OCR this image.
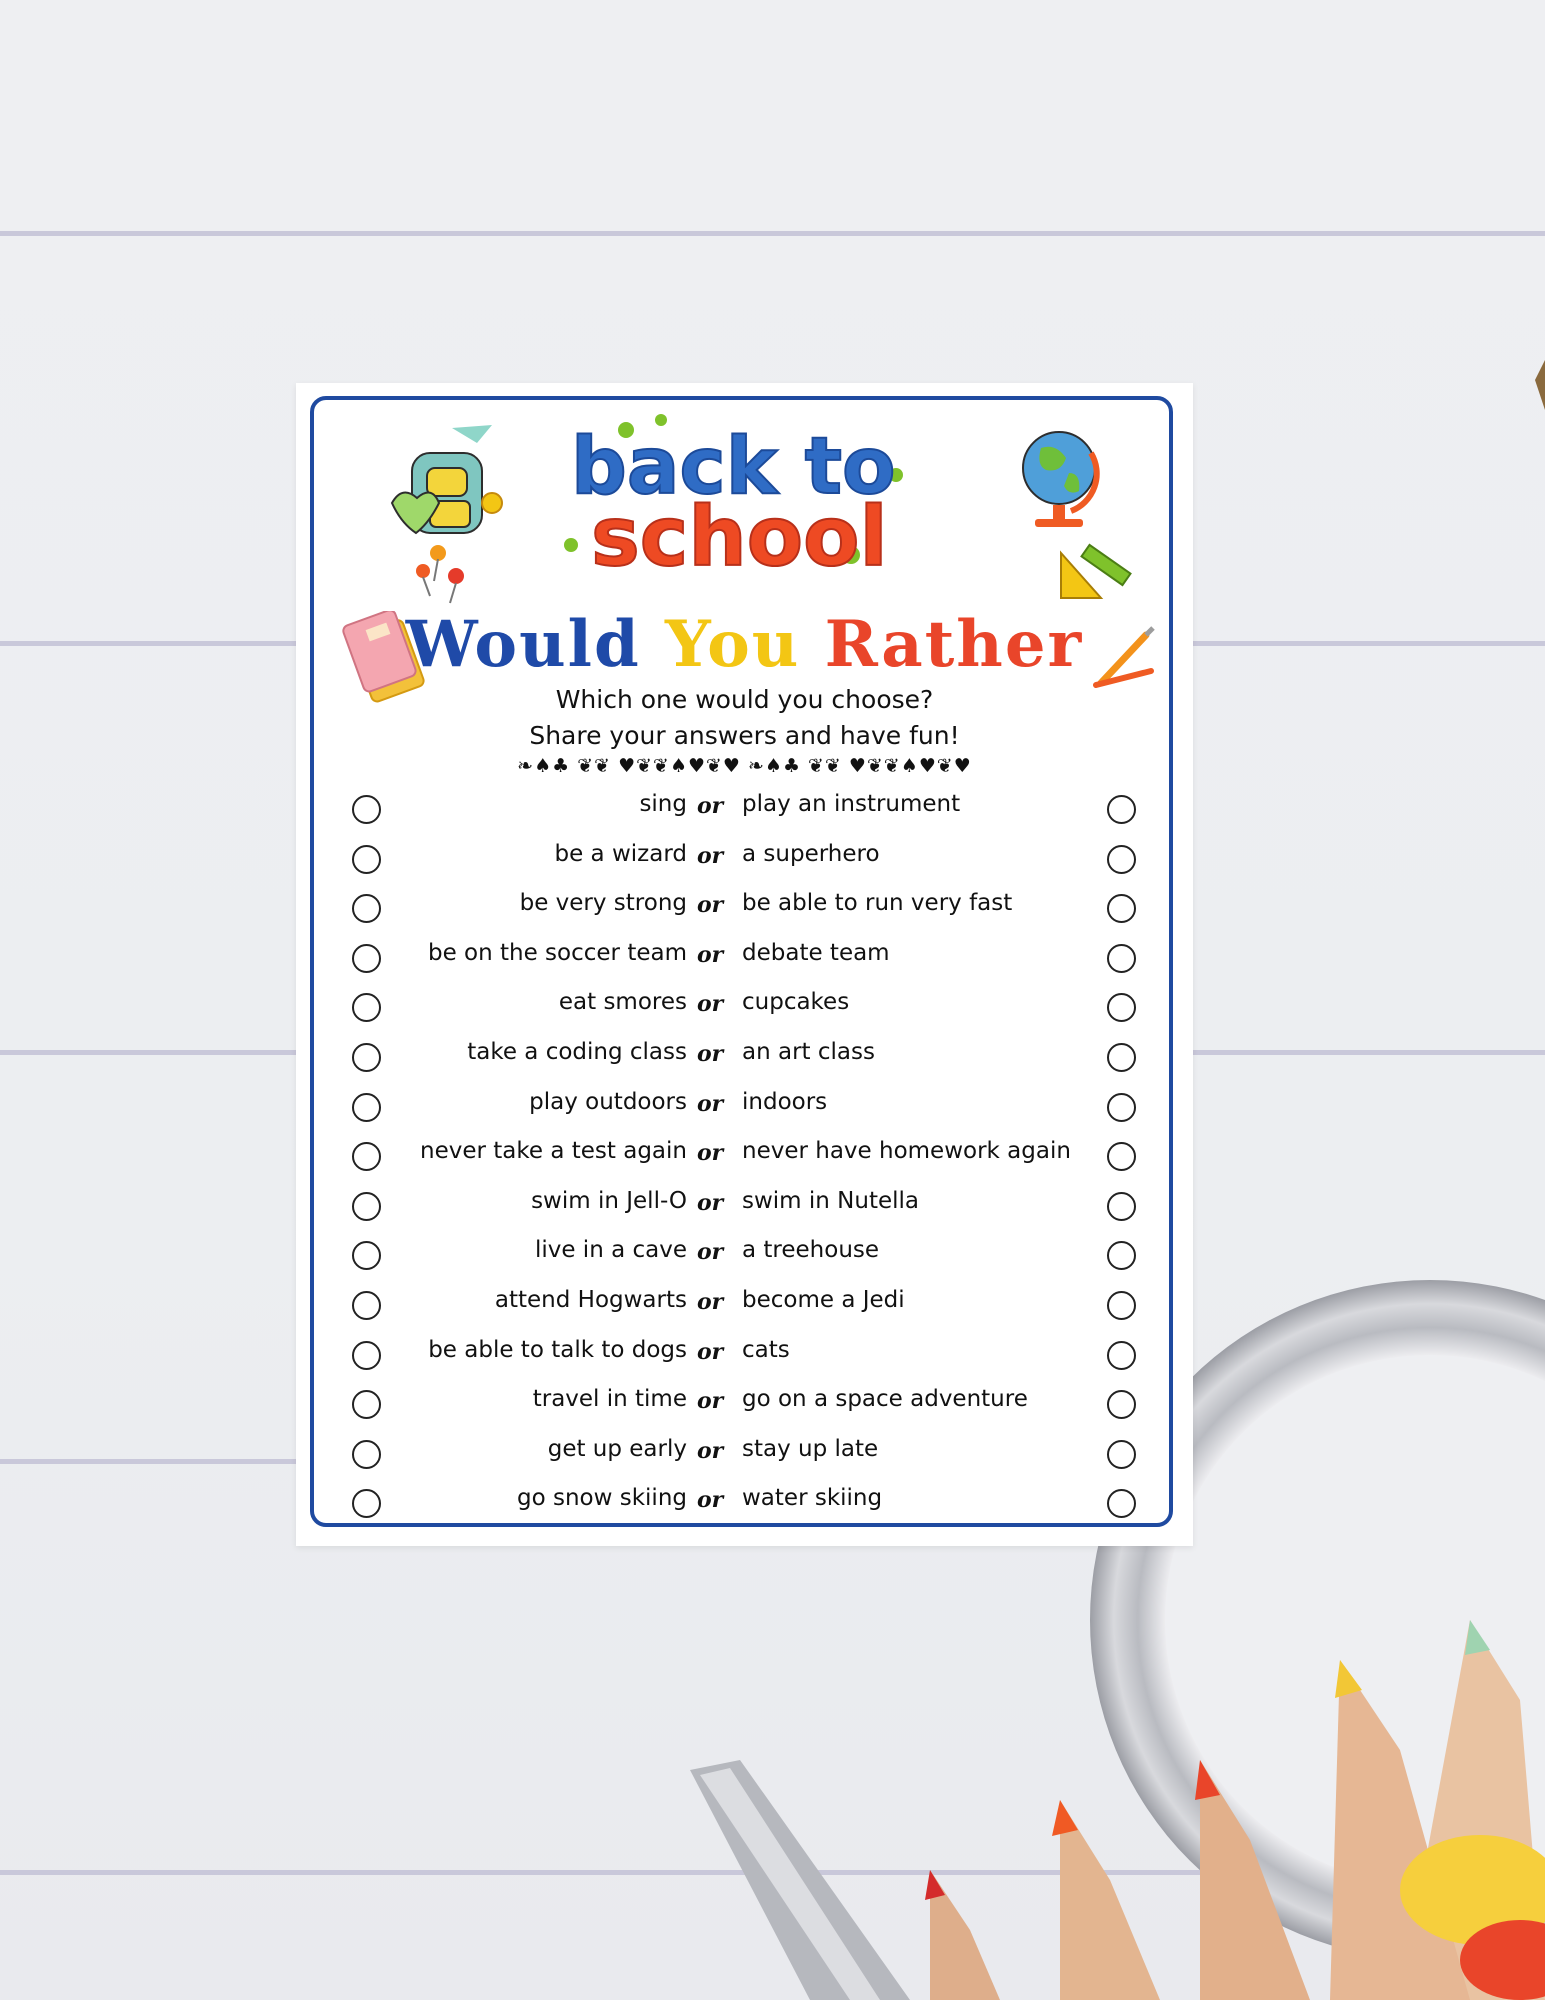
back to
school
Would You Rather
Which one would you choose?
Share your answers and have fun!
❧♠♣ ❦❦ ♥❦❦♠♥❦♥ ❧♠♣ ❦❦ ♥❦❦♠♥❦♥
sing or play an instrument
be a wizard or a superhero
be very strong or be able to run very fast
be on the soccer team or debate team
eat smores or cupcakes
take a coding class or an art class
play outdoors or indoors
never take a test again or never have homework again
swim in Jell-O or swim in Nutella
live in a cave or a treehouse
attend Hogwarts or become a Jedi
be able to talk to dogs or cats
travel in time or go on a space adventure
get up early or stay up late
go snow skiing or water skiing
